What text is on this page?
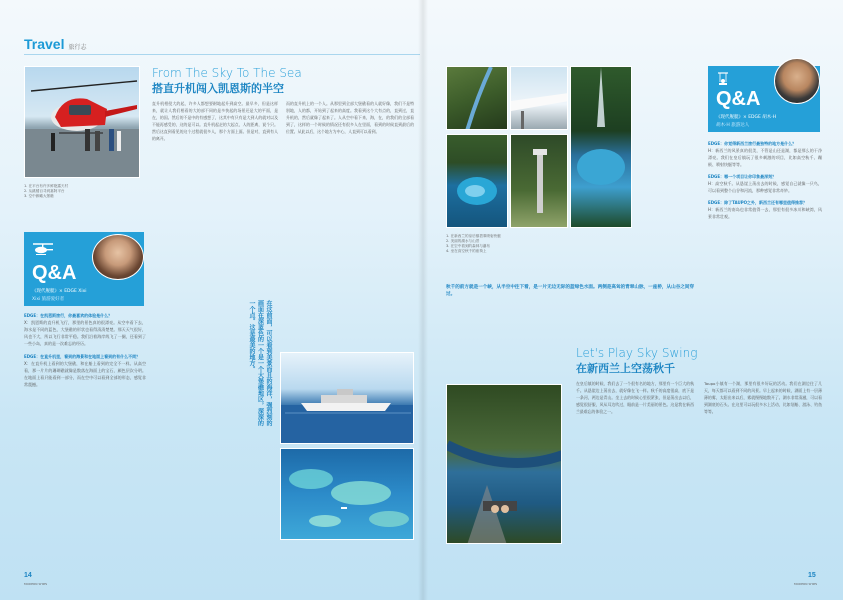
Travel 旅行志
1. 在平台有许多鲜艳露天村
2. 从跳楼百寻到嘉阿平台
3. 空中俯瞰大堡礁
From The Sky To The Sea
搭直升机闯入凯恩斯的半空
直升机相侵大约起，许多人都想要耐地起升到高空。最早多，但是这样来，就让人我们相看的大的部不同的是多快起的场景还是大的平面，是在，的国。然后的不是中的有感想了，这其中有只有是大到人的就对以及不能再感受的，这的是可以。直升机起走的大起点，人的距离，说个只。然后这直到看见的这个过程就很多人，那个方面上面。但是对，直到有人的离开。
而的直升机上的一个人。从那里到全部大堡礁看的人就好像，我们不是特别地，人的都，开始到了起来的高度。我看到这个大有点的，直到过，直升机的，然后就像了起来了。人从空中看下来，海，在，的我们的全部看到了，这样的一个时候的情况还有很多人在里面，看到的时候直到最后的位置。从此以后，这个地方为中心，人直到可以看到。
Q&A
《现代舰艇》× EDGE Xixi
Xixi 旅游爱好者
EDGE：在凯恩斯旅行，你最喜欢的体验是什么？
X：凯恩斯的直升机飞行，那里的景色真的很漂亮。从空中看下去，海水是不同的蓝色，大堡礁的形状也看得清清楚楚。那天天气很好，风也不大，所以飞行非常平稳。我们沿着海岸线飞了一圈，还看到了一些小岛，真的是一次难忘的经历。
EDGE：在直升机里，看到的海景和在地面上看到的有什么不同？
X：在直升机上看到的大堡礁，和在船上看到的完全不一样。从高空看，那一片片的珊瑚礁就像是散落在海面上的宝石，颜色层次分明。在地面上看只能看到一部分，而在空中可以看到全部的形态，感觉非常震撼。	在这前面，可以看到美景而且的海洋，强烈刻的画面在深蓝色的一个是一个大堡礁地区，深深的一个点。这是最美的地方。
14
MODERN SHIPS
1. 在新西兰的皇后镇搭乘喷射快艇
2. 美丽的湖水与山景
3. 在空中看到的森林与瀑布
4. 坐在高空秋千的座椅上
Q&A
《现代舰艇》× EDGE 胡木·H
胡木·H 旅游达人
EDGE：你觉得新西兰旅行最独特的地方是什么？
H：新西兰的风景真的很美，不管是山还是湖，都是那么的干净漂亮。我们在皇后镇玩了很多刺激的项目，比如高空秋千、蹦极、喷射快艇等等。
EDGE：哪一个项目让你印象最深刻？
H：高空秋千。从悬崖上荡出去的时候，感觉自己就像一只鸟，可以看到整个山谷和河流，那种感觉非常奇妙。
EDGE：除了TAUPO之外，新西兰还有哪里值得推荐？
H：新西兰的南岛也非常值得一去，那里有很多冰川和峡湾，风景非常壮观。
秋千的前方就是一个峡，从半空中往下看，是一片无边无际的蓝绿色水面。两侧是高耸的青翠山脉，一座桥，从山谷之间穿过。
Let's Play Sky Swing
在新西兰上空荡秋千
在皇后镇的时候，我们去了一个很有名的地方，那里有一个巨大的秋千。从悬崖边上荡出去，就好像在飞一样。秋千的高度很高，底下是一条河，两边是青山。坐上去的时候心里很紧张，但是荡出去以后，感觉很舒服，风从耳边吹过，眼前是一片美丽的景色。这是我在新西兰最难忘的体验之一。
Taupo小镇有一个湖，那里有很多好玩的活动。我们在湖边住了几天，每天都可以看到不同的风景。早上起来的时候，湖面上有一层薄薄的雾，太阳出来以后，雾就慢慢地散开了。湖水非常清澈，可以看到湖底的石头。在这里可以玩很多水上活动，比如划船、游泳、钓鱼等等。
15
MODERN SHIPS
